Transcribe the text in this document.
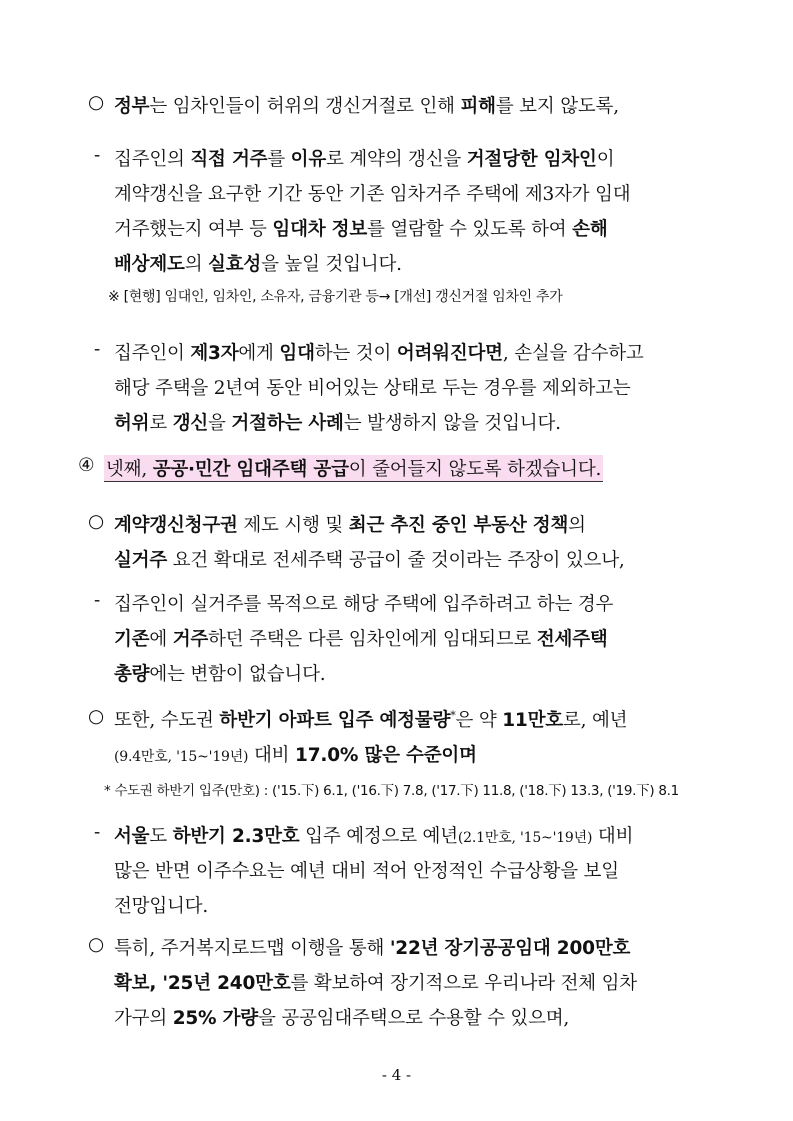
○ 정부는 임차인들이 허위의 갱신거절로 인해 피해를 보지 않도록,
- 집주인의 직접 거주를 이유로 계약의 갱신을 거절당한 임차인이
계약갱신을 요구한 기간 동안 기존 임차거주 주택에 제3자가 임대
거주했는지 여부 등 임대차 정보를 열람할 수 있도록 하여 손해
배상제도의 실효성을 높일 것입니다.
※ [현행] 임대인, 임차인, 소유자, 금융기관 등→ [개선] 갱신거절 임차인 추가
- 집주인이 제3자에게 임대하는 것이 어려워진다면, 손실을 감수하고
해당 주택을 2년여 동안 비어있는 상태로 두는 경우를 제외하고는
허위로 갱신을 거절하는 사례는 발생하지 않을 것입니다.
④ 넷째, 공공·민간 임대주택 공급이 줄어들지 않도록 하겠습니다.
○ 계약갱신청구권 제도 시행 및 최근 추진 중인 부동산 정책의
실거주 요건 확대로 전세주택 공급이 줄 것이라는 주장이 있으나,
- 집주인이 실거주를 목적으로 해당 주택에 입주하려고 하는 경우
기존에 거주하던 주택은 다른 임차인에게 임대되므로 전세주택
총량에는 변함이 없습니다.
○ 또한, 수도권 하반기 아파트 입주 예정물량*은 약 11만호로, 예년
(9.4만호, '15~'19년) 대비 17.0% 많은 수준이며
* 수도권 하반기 입주(만호) : ('15.下) 6.1, ('16.下) 7.8, ('17.下) 11.8, ('18.下) 13.3, ('19.下) 8.1
- 서울도 하반기 2.3만호 입주 예정으로 예년(2.1만호, '15~'19년) 대비
많은 반면 이주수요는 예년 대비 적어 안정적인 수급상황을 보일
전망입니다.
○ 특히, 주거복지로드맵 이행을 통해 '22년 장기공공임대 200만호
확보, '25년 240만호를 확보하여 장기적으로 우리나라 전체 임차
가구의 25% 가량을 공공임대주택으로 수용할 수 있으며,
- 4 -
